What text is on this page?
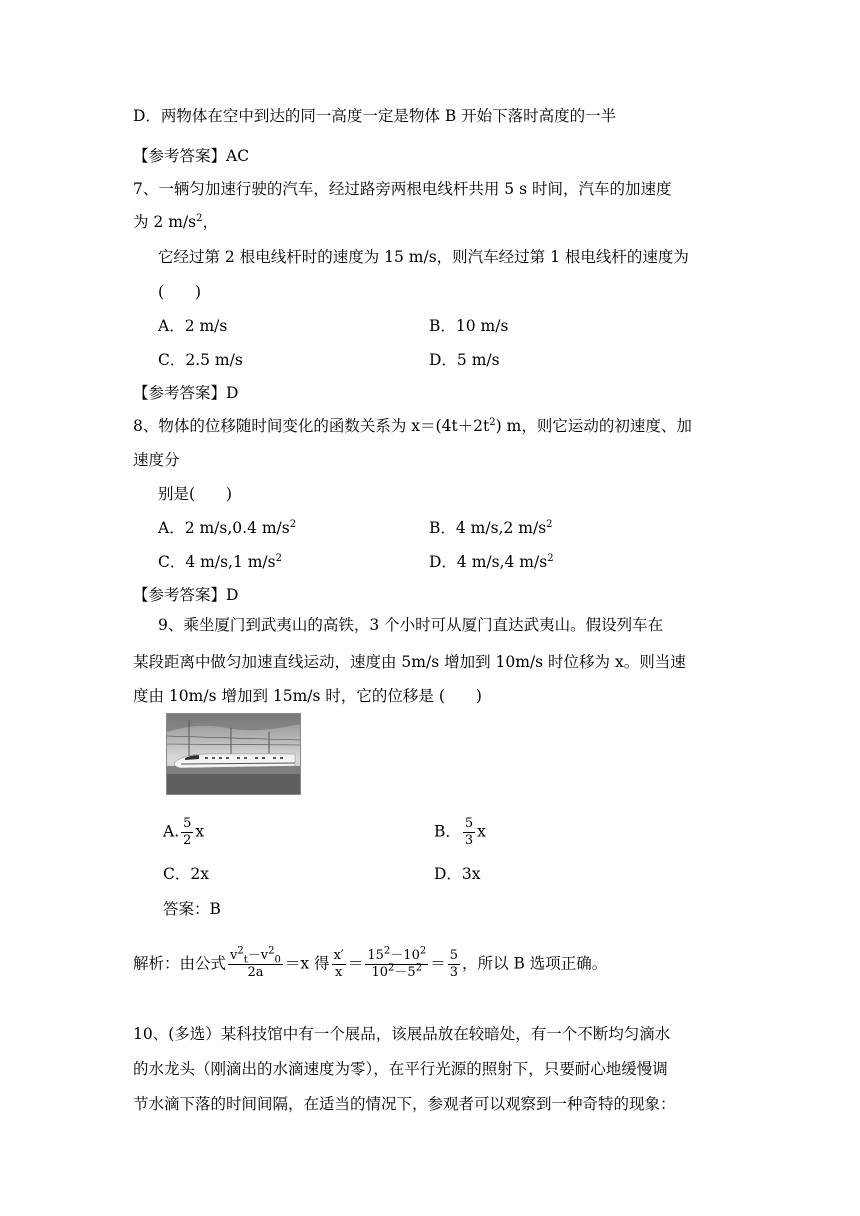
D．两物体在空中到达的同一高度一定是物体 B 开始下落时高度的一半
【参考答案】AC
7、一辆匀加速行驶的汽车，经过路旁两根电线杆共用 5 s 时间，汽车的加速度
为 2 $m/s^2$，
它经过第 2 根电线杆时的速度为 15 m/s，则汽车经过第 1 根电线杆的速度为
(　　)
A．2 m/s	B．10 m/s
C．2.5 m/s	D．5 m/s
【参考答案】D
8、物体的位移随时间变化的函数关系为 $x=(4t+2t^2)$ m，则它运动的初速度、加
速度分
别是(　　)
A．2 m/s,0.4 $m/s^2$	B．4 m/s,2 $m/s^2$
C．4 m/s,1 $m/s^2$	D．4 m/s,4 $m/s^2$
【参考答案】D
9、乘坐厦门到武夷山的高铁，3 个小时可从厦门直达武夷山。假设列车在
某段距离中做匀加速直线运动，速度由 5m/s 增加到 10m/s 时位移为 x。则当速
度由 10m/s 增加到 15m/s 时，它的位移是 (　　)
A. $\frac{5}{2}$ x	B． $\frac{5}{3}$ x
C．2x	D．3x
答案：B
解析：由公式 $\frac{v^2_t-v^2_0}{2a} =x$ 得 $\frac{x'}{x} = \frac{15^2-10^2}{10^2-5^2} = \frac{5}{3}$ ，所以 B 选项正确。
10、(多选）某科技馆中有一个展品，该展品放在较暗处，有一个不断均匀滴水
的水龙头（刚滴出的水滴速度为零），在平行光源的照射下，只要耐心地缓慢调
节水滴下落的时间间隔，在适当的情况下，参观者可以观察到一种奇特的现象：
